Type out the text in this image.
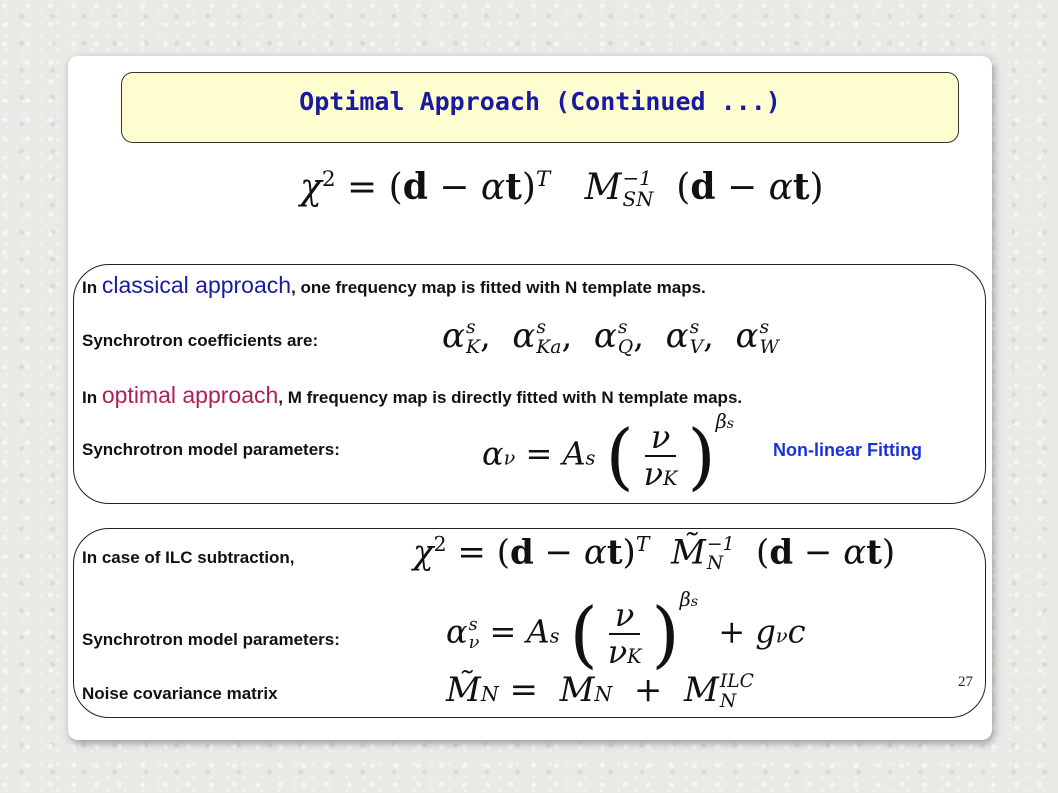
Optimal Approach (Continued ...)
χ2 = (d − αt)T M −1
SN (d − αt)
In classical approach, one frequency map is fitted with N template maps.
Synchrotron coefficients are:	α s
K ,  α s
Ka ,  α s
Q ,  α s
V ,  α s
W
In optimal approach, M frequency map is directly fitted with N template maps.
Synchrotron model parameters:	αν = As ( $\frac{\nu}{\nu K} )\beta s$
Non-linear Fitting
In case of ILC subtraction,	χ2 = (d − αt)T M̃ −1
N (d − αt)
Synchrotron model parameters:	α s
ν = As ( $\frac{\nu}{\nu K} )\beta s + g\nu c$
Noise covariance matrix	M̃N =  MN  +  M ILC
N
27
